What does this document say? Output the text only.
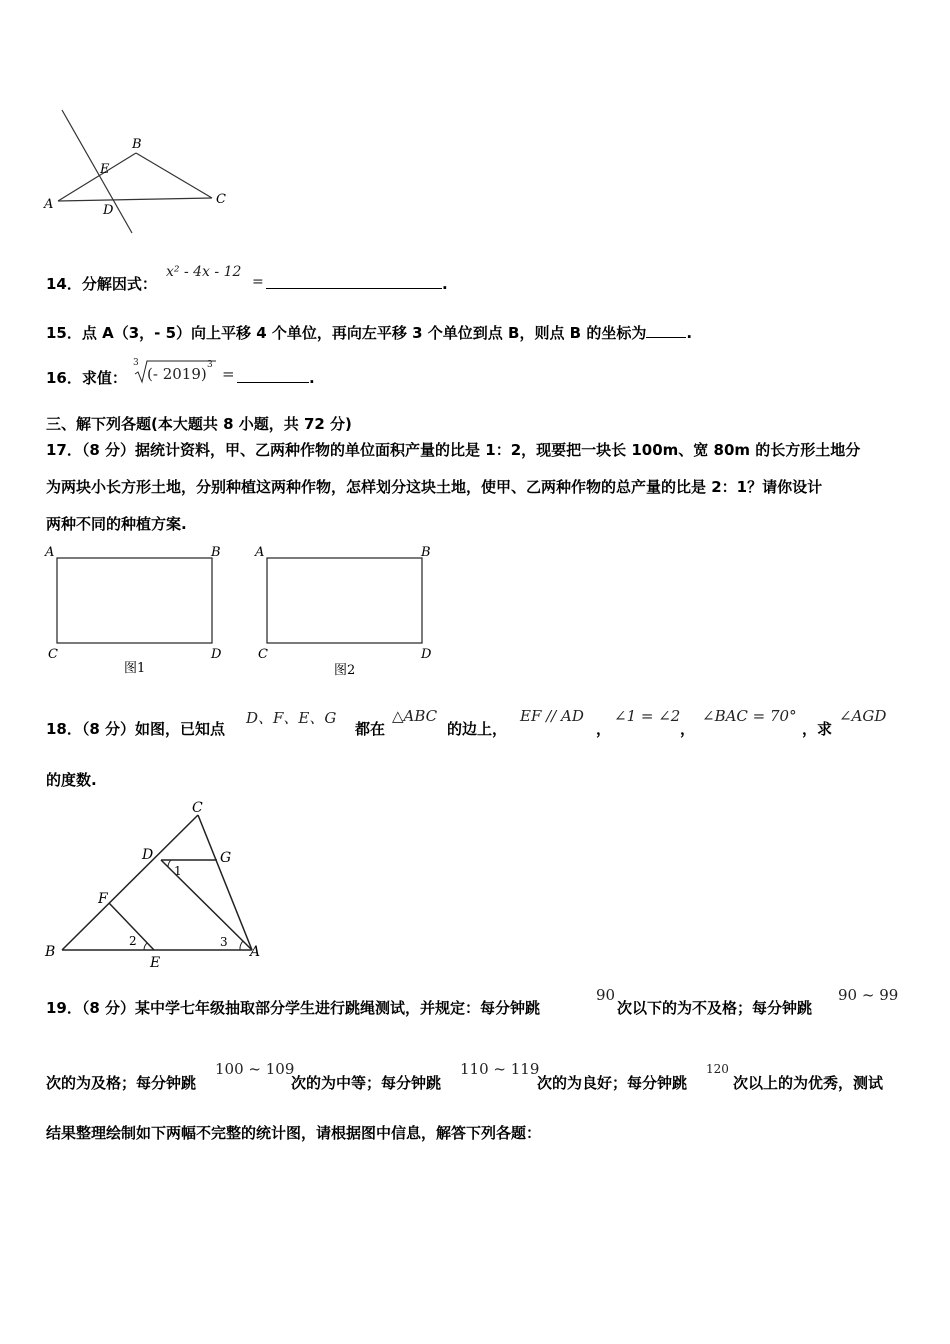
A
B
C
D
E
14．分解因式：
x² - 4x - 12
=	.
15．点 A（3，- 5）向上平移 4 个单位，再向左平移 3 个单位到点 B，则点 B 的坐标为	.
16．求值：
3
(- 2019) 3 =	.
三、解下列各题(本大题共 8 小题，共 72 分)
17．（8 分）据统计资料，甲、乙两种作物的单位面积产量的比是 1：2，现要把一块长 100m、宽 80m 的长方形土地分
为两块小长方形土地，分别种植这两种作物，怎样划分这块土地，使甲、乙两种作物的总产量的比是 2：1？请你设计
两种不同的种植方案.
A	B
C	D
图1
A	B
C	D
图2
18．（8 分）如图，已知点
D、F、E、G
都在
△ABC
的边上，
EF // AD
，
∠1 = ∠2
，
∠BAC = 70°
，求
∠AGD
的度数.
C
D	G
F
B
E
A
1
2	3
19．（8 分）某中学七年级抽取部分学生进行跳绳测试，并规定：每分钟跳
90
次以下的为不及格；每分钟跳
90 ~ 99
次的为及格；每分钟跳
100 ~ 109
次的为中等；每分钟跳
110 ~ 119
次的为良好；每分钟跳
120
次以上的为优秀，测试
结果整理绘制如下两幅不完整的统计图，请根据图中信息，解答下列各题：
